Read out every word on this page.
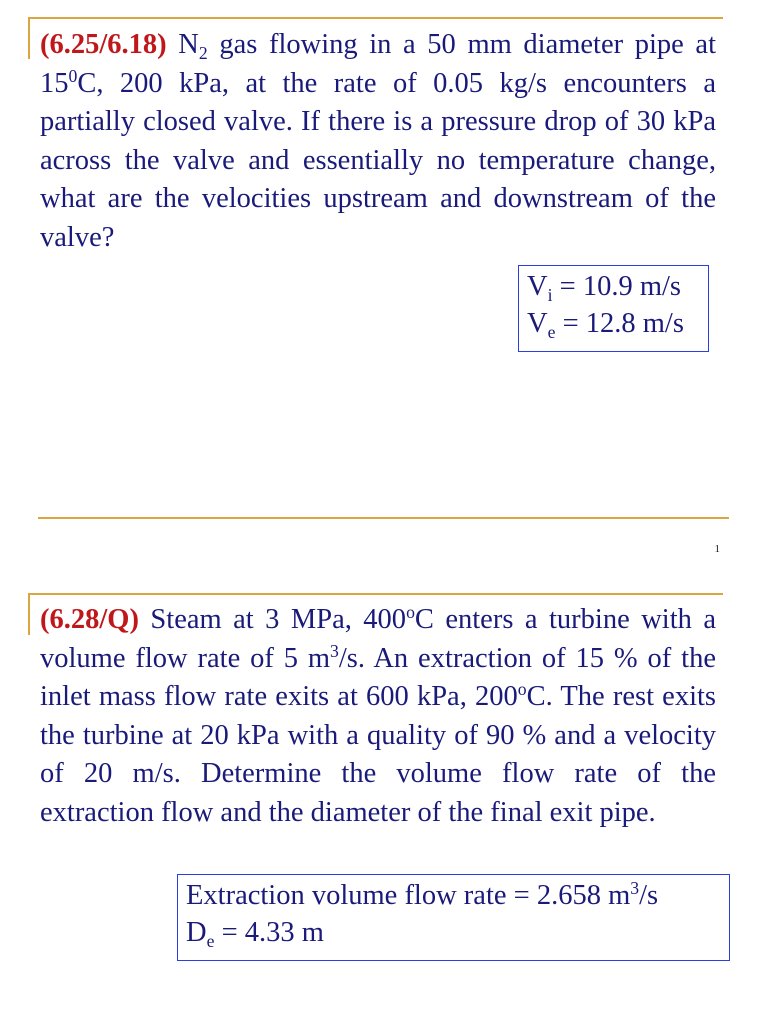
(6.25/6.18) $N_2$ gas flowing in a 50 mm diameter pipe at $15^0C$, 200 kPa, at the rate of 0.05 kg/s encounters a partially closed valve. If there is a pressure drop of 30 kPa across the valve and essentially no temperature change, what are the velocities upstream and downstream of the valve?
$V_i = 10.9$ m/s
$V_e = 12.8$ m/s
1
(6.28/Q) Steam at 3 MPa, 400$^o$C enters a turbine with a volume flow rate of 5 $m^3/s$. An extraction of 15 % of the inlet mass flow rate exits at 600 kPa, 200$^o$C. The rest exits the turbine at 20 kPa with a quality of 90 % and a velocity of 20 m/s. Determine the volume flow rate of the extraction flow and the diameter of the final exit pipe.
Extraction volume flow rate = 2.658 $m^3/s$
$D_e = 4.33$ m
